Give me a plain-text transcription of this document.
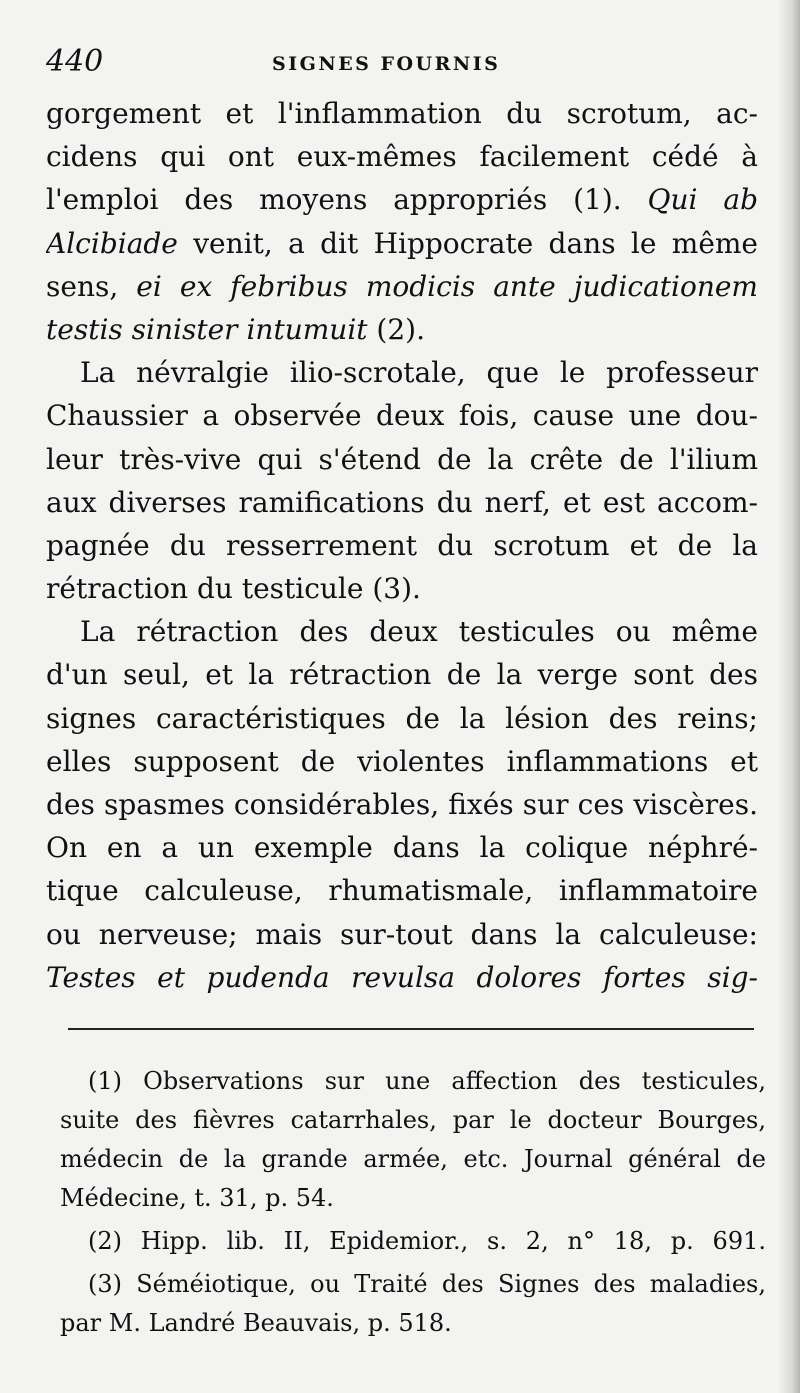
440	SIGNES FOURNIS
gorgement et l'inflammation du scrotum, ac-
cidens qui ont eux-mêmes facilement cédé à
l'emploi des moyens appropriés (1). Qui ab
Alcibiade venit, a dit Hippocrate dans le même
sens, ei ex febribus modicis ante judicationem
testis sinister intumuit (2).
La névralgie ilio-scrotale, que le professeur
Chaussier a observée deux fois, cause une dou-
leur très-vive qui s'étend de la crête de l'ilium
aux diverses ramifications du nerf, et est accom-
pagnée du resserrement du scrotum et de la
rétraction du testicule (3).
La rétraction des deux testicules ou même
d'un seul, et la rétraction de la verge sont des
signes caractéristiques de la lésion des reins;
elles supposent de violentes inflammations et
des spasmes considérables, fixés sur ces viscères.
On en a un exemple dans la colique néphré-
tique calculeuse, rhumatismale, inflammatoire
ou nerveuse; mais sur-tout dans la calculeuse:
Testes et pudenda revulsa dolores fortes sig-
(1) Observations sur une affection des testicules,
suite des fièvres catarrhales, par le docteur Bourges,
médecin de la grande armée, etc. Journal général de
Médecine, t. 31, p. 54.
(2) Hipp. lib. II, Epidemior., s. 2, n° 18, p. 691.
(3) Séméiotique, ou Traité des Signes des maladies,
par M. Landré Beauvais, p. 518.
